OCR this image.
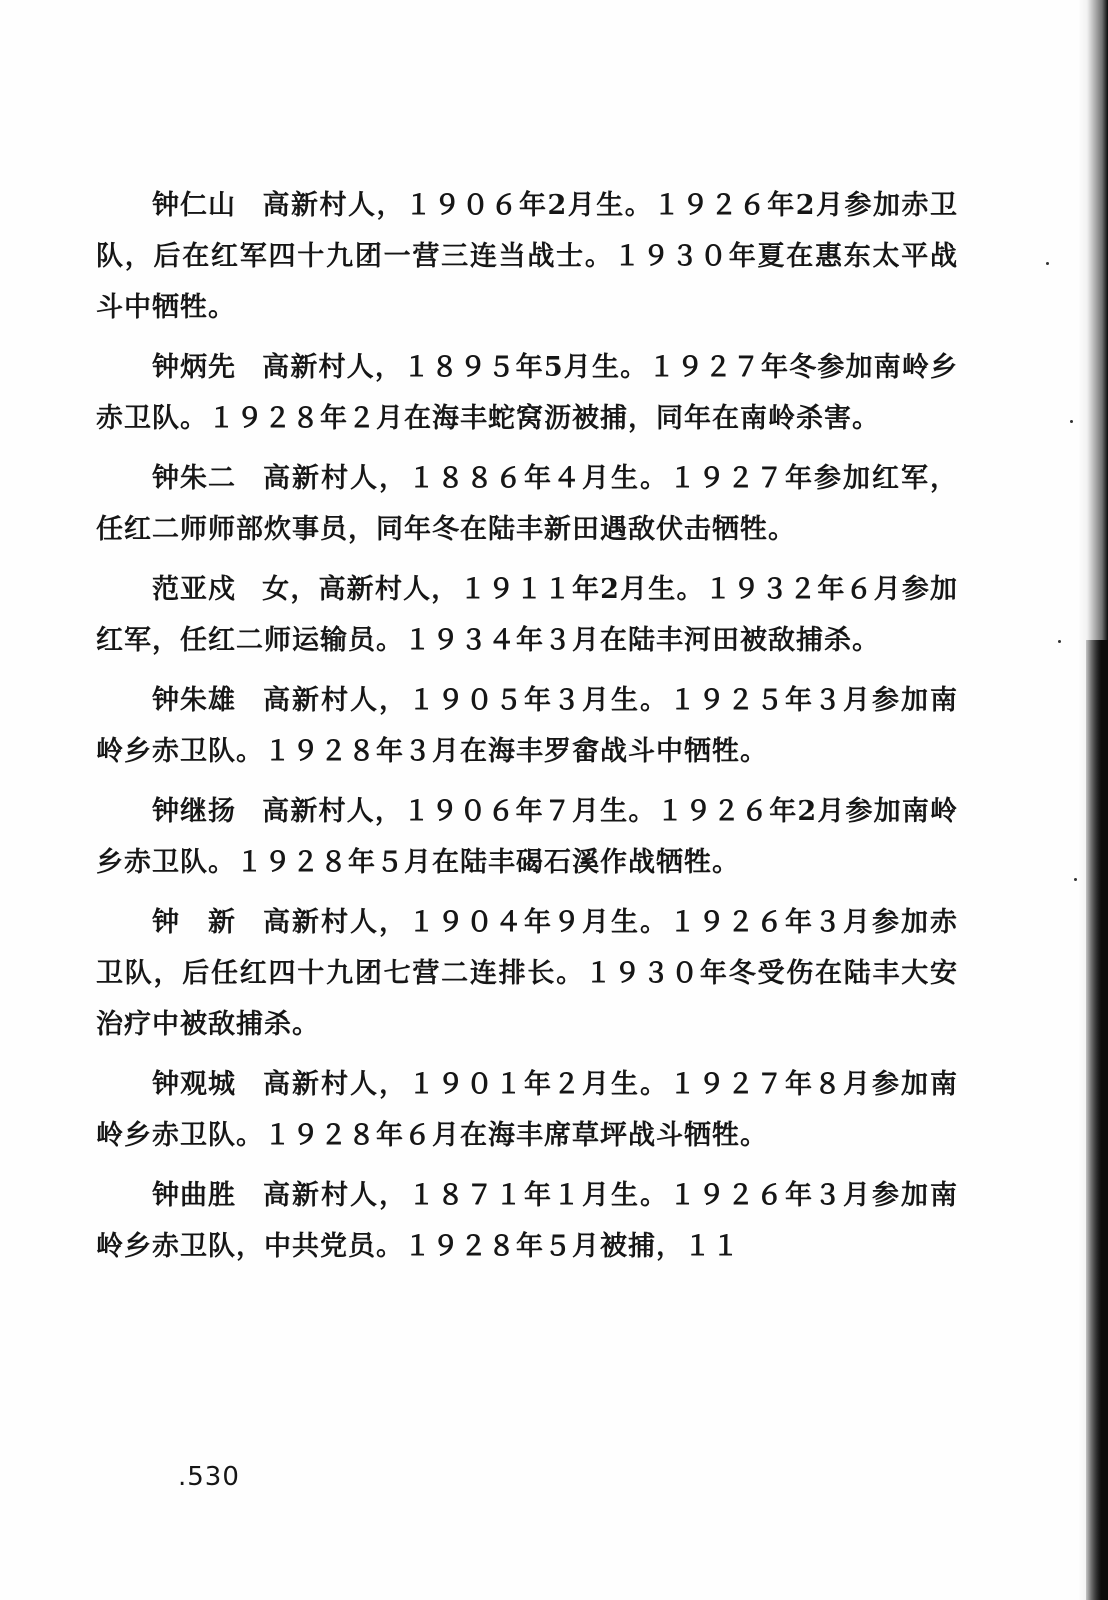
钟仁山 高新村人，１９０６年2月生。１９２６年2月参加赤卫队，后在红军四十九团一营三连当战士。１９３０年夏在惠东太平战斗中牺牲。

钟炳先 高新村人，１８９５年5月生。１９２７年冬参加南岭乡赤卫队。１９２８年２月在海丰蛇窝沥被捕，同年在南岭杀害。

钟朱二 高新村人，１８８６年４月生。１９２７年参加红军，任红二师师部炊事员，同年冬在陆丰新田遇敌伏击牺牲。

范亚戍 女，高新村人，１９１１年2月生。１９３２年６月参加红军，任红二师运输员。１９３４年３月在陆丰河田被敌捕杀。

钟朱雄 高新村人，１９０５年３月生。１９２５年３月参加南岭乡赤卫队。１９２８年３月在海丰罗畲战斗中牺牲。

钟继扬 高新村人，１９０６年７月生。１９２６年2月参加南岭乡赤卫队。１９２８年５月在陆丰碣石溪作战牺牲。

钟　新 高新村人，１９０４年９月生。１９２６年３月参加赤卫队，后任红四十九团七营二连排长。１９３０年冬受伤在陆丰大安治疗中被敌捕杀。

钟观城 高新村人，１９０１年２月生。１９２７年８月参加南岭乡赤卫队。１９２８年６月在海丰席草坪战斗牺牲。

钟曲胜 高新村人，１８７１年１月生。１９２６年３月参加南岭乡赤卫队，中共党员。１９２８年５月被捕，１１

.530
